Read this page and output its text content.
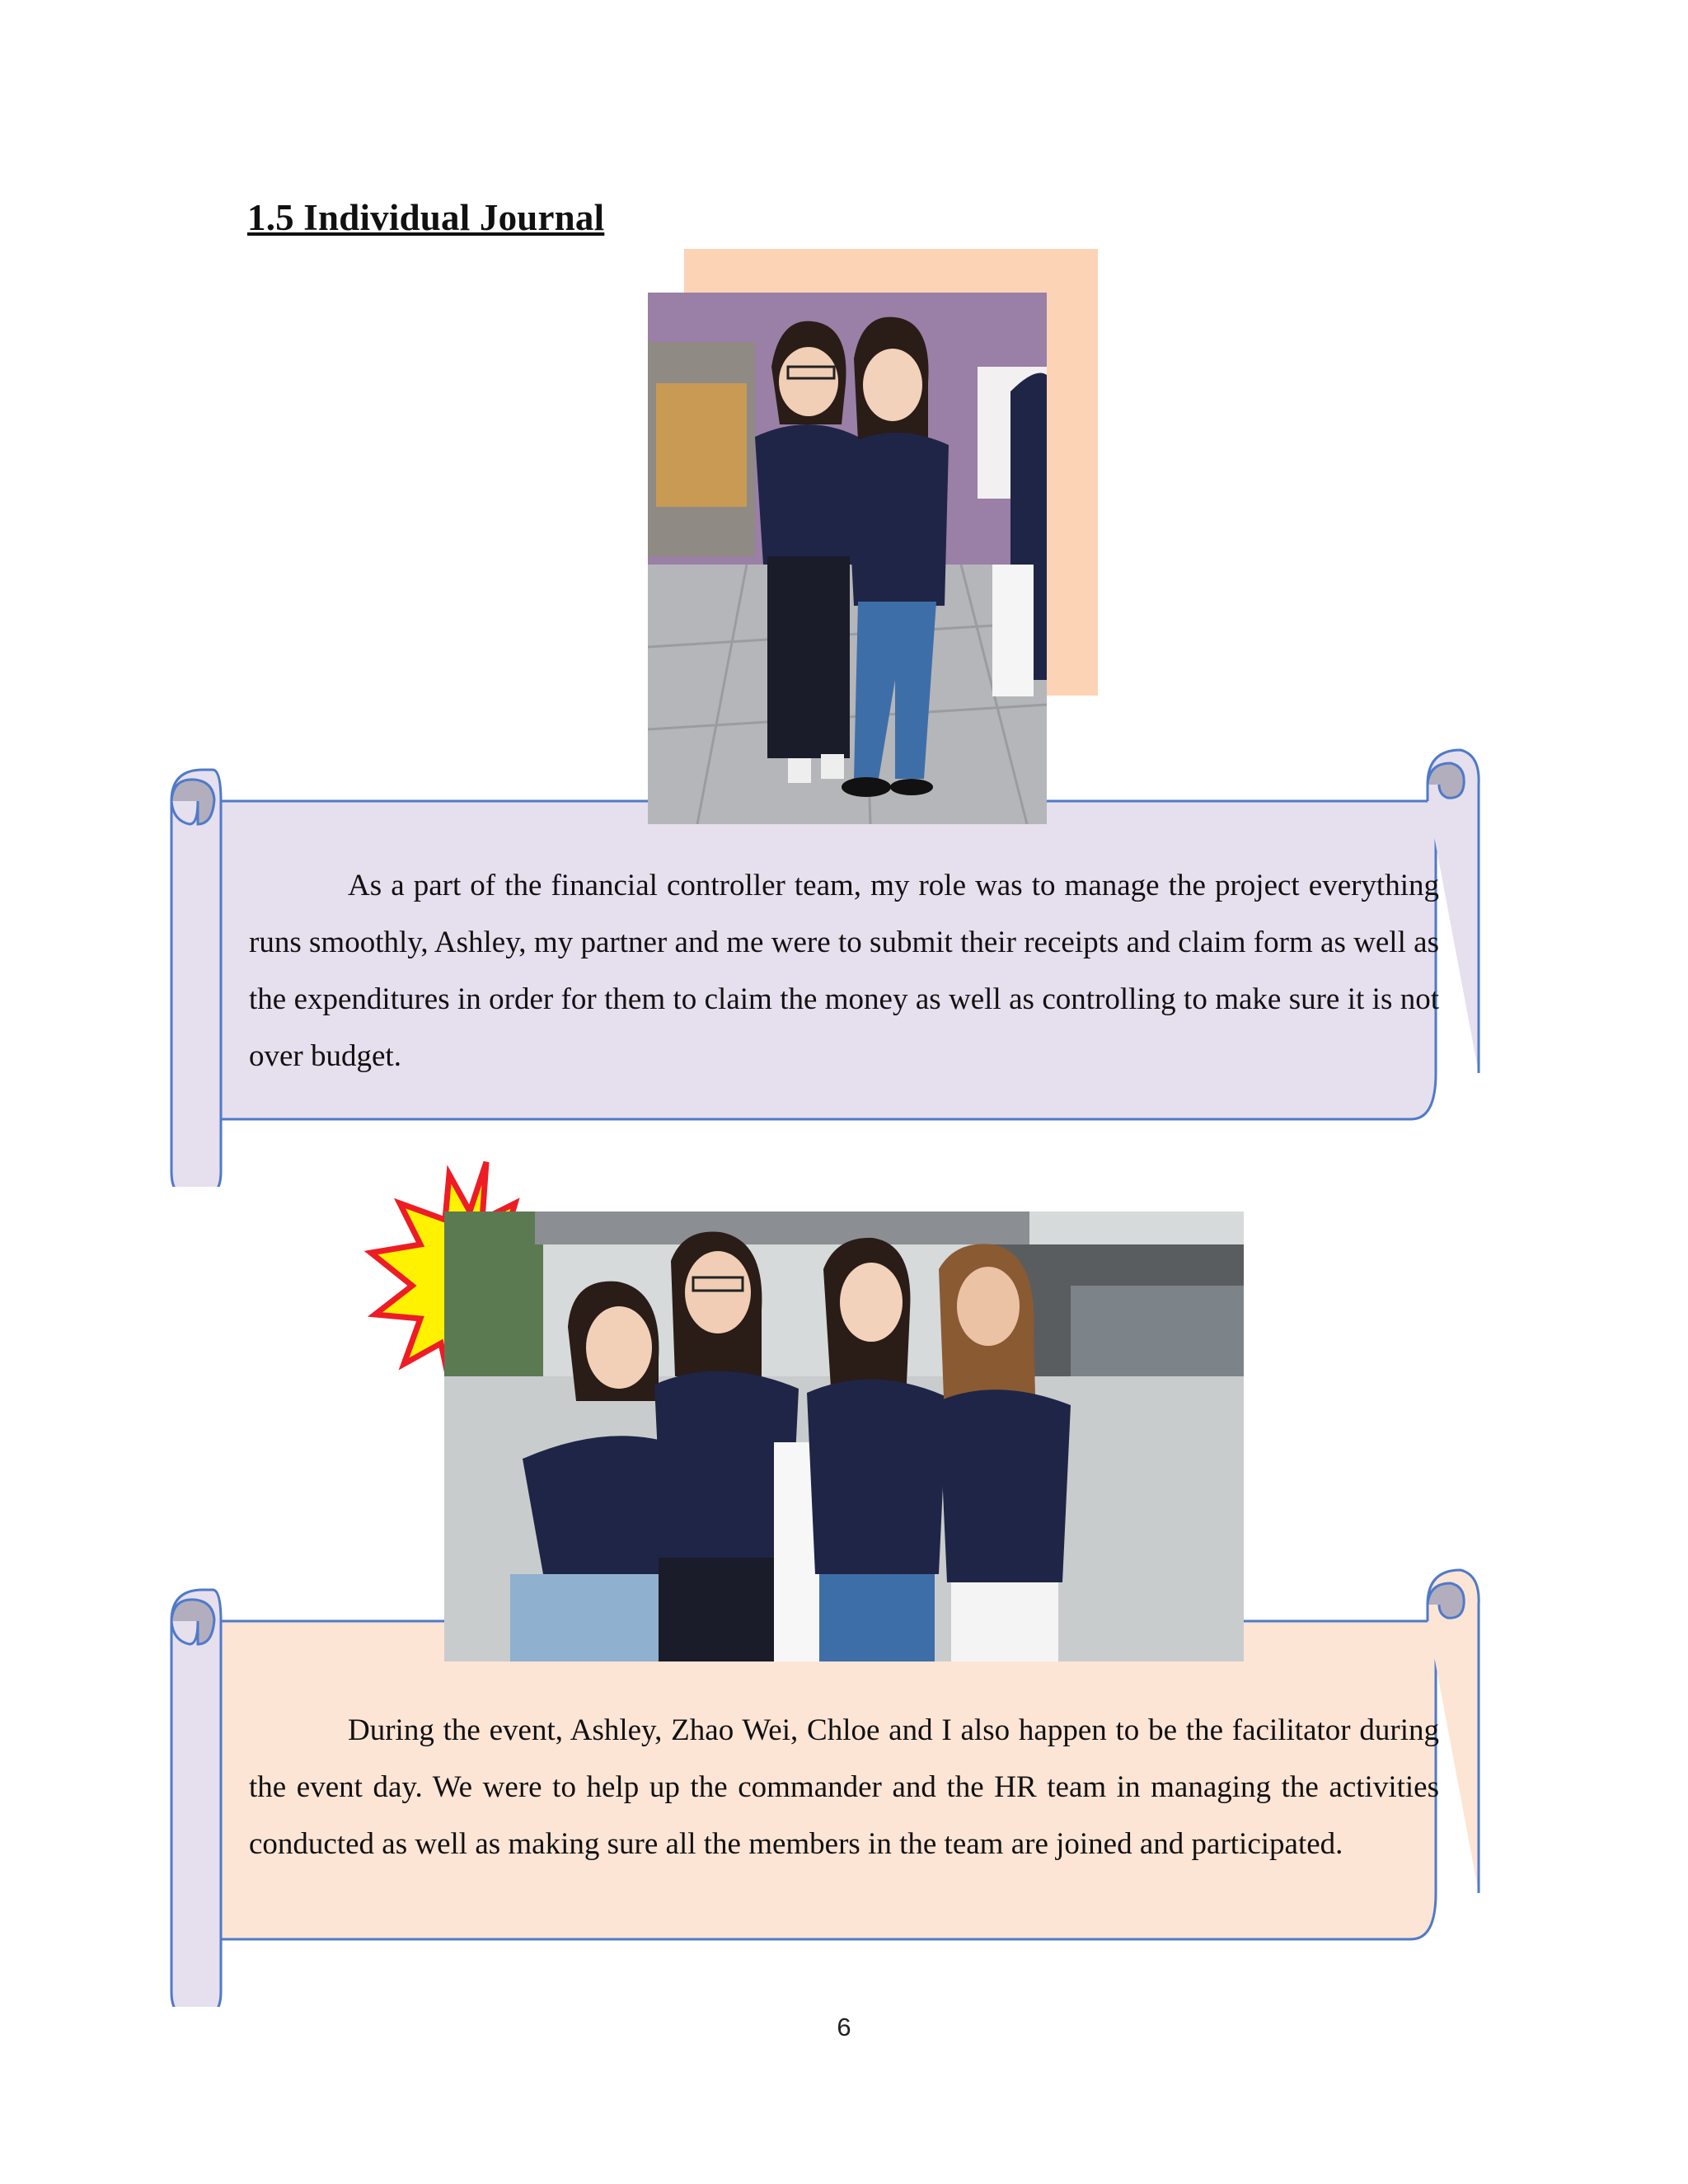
1.5 Individual Journal
As a part of the financial controller team, my role was to manage the project everything runs smoothly, Ashley, my partner and me were to submit their receipts and claim form as well as the expenditures in order for them to claim the money as well as controlling to make sure it is not over budget.
During the event, Ashley, Zhao Wei, Chloe and I also happen to be the facilitator during the event day. We were to help up the commander and the HR team in managing the activities conducted as well as making sure all the members in the team are joined and participated.
6
